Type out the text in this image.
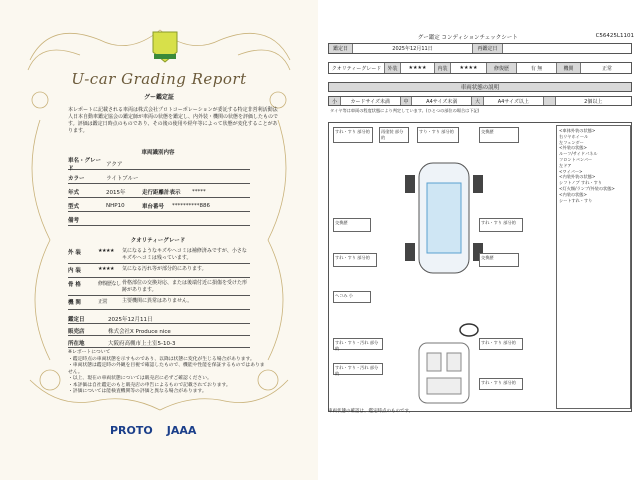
U-car Grading Report
グー鑑定証
本レポートに記載される車両は株式会社プロトコーポレーションが委託する特定非営利活動法人日本自動車鑑定協会の鑑定師が車両の状態を鑑定し、内外装・機関の状態を評価したものです。評価は鑑定日時点のものであり、その後の使用や経年等によって状態が変化することがあります。
車両識別内容
車名・グレード
アクア
カラー	ライトブルー
年式	2015年	走行距離計表示	*****
型式	NHP10	車台番号	**********886
備考
クオリティーグレード
外 装	★★★★	気になるようなキズやヘコミは補修済みですが、小さなキズやヘコミは残っています。
内 装	★★★★	気になる汚れ等が部分的にあります。
骨 格	修復歴なし 骨格部位の交換対応、または後端付近に損傷を受けた形跡があります。
機 関	正常	主要機関に異常はありません。
鑑定日	2025年12月11日
販売店	株式会社X Produce nice
所在地	大阪府高槻市上土室5-10-3
※レポートについて
・鑑定時点の車両状態を示すものであり、以降は状態に変化が生じる場合があります。
・車両状態は鑑定時の外観を目視で確認したもので、機能や性能を保証するものではありません。
・以上、現在の車両状態については販売店に必ずご確認ください。
・本評価は自社鑑定のもと販売店の申告によるもので記載されております。
・評価については能検査機関等の評価と異なる場合があります。
PROTO JAAA
グー鑑定 コンディションチェックシート	C56425L1101
鑑定日	2025年12月11日	再鑑定日
クオリティーグレード	外装	★★★★	内装	★★★★	修復歴	有 無	機関	正常
車両状態の説明
小	カードサイズ未満	中	A4サイズ未満	大	A4サイズ以上	2個以上
タイヤ等は車両の程度状態により判定しています。(ひとつの部位の場合は下記)
すれ・すり 部分的	再塗装 部分的
すり・すり 部分的	交換歴
交換歴	すれ・すり 部分的
すれ・すり 部分的	交換歴
ヘコみ 小
すれ・すり・汚れ 部分的
すれ・すり・汚れ 部分的
すれ・すり 部分的
すれ・すり 部分的
<車体外装の状態>
右リヤホイール
左フェンダー
<外装の状態>
ルーフ/サイドパネル
フロントバンパー
左ドア
<ワイパー>
<内装外装の状態>
シフトノブ すれ・すり
<灯火類/ランプ/外装の状態>
<内装の状態>
シートすれ・すり
車両状態の確認は、鑑定時点のものです。
